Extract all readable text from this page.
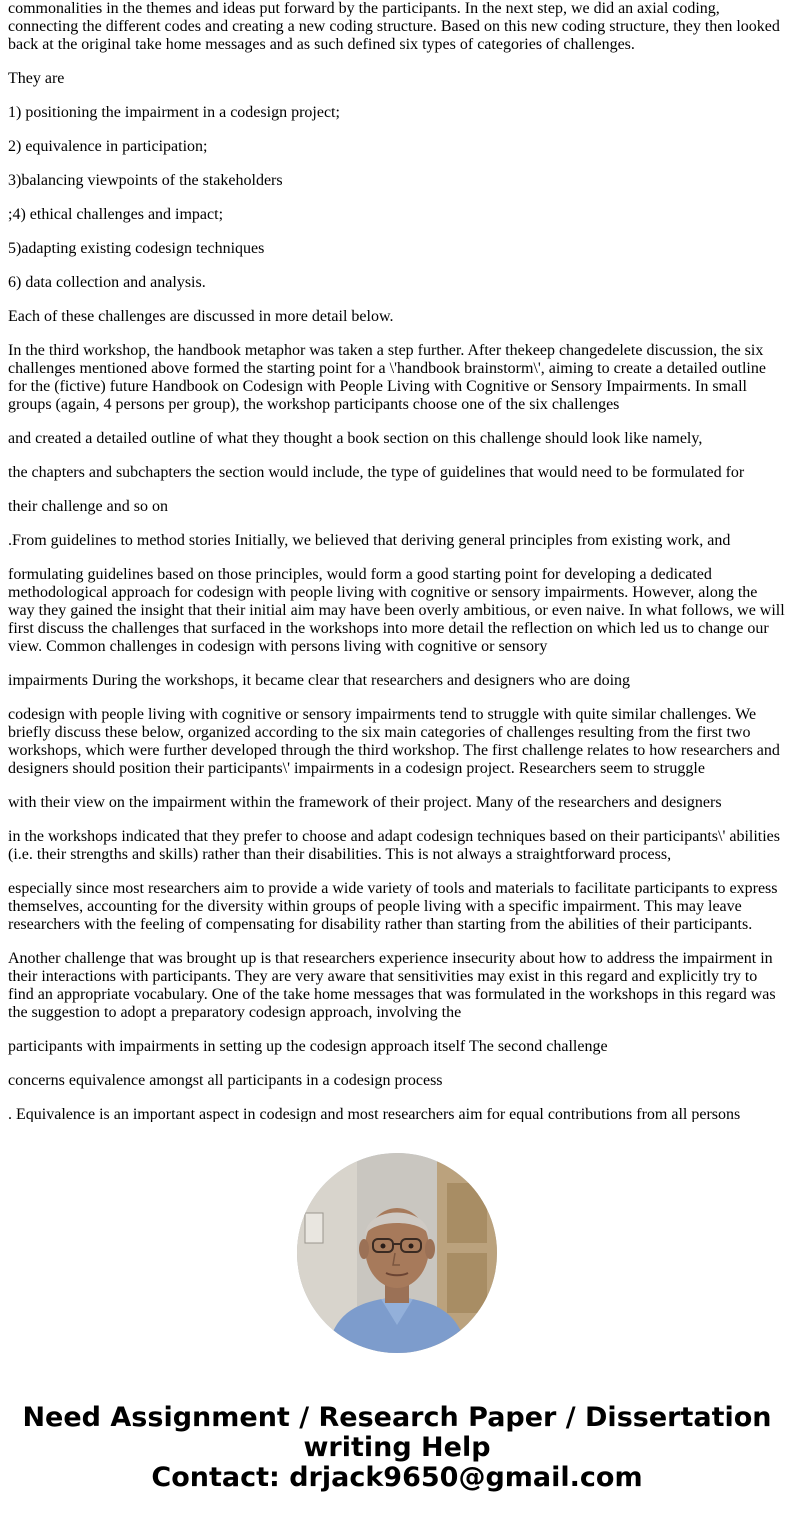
commonalities in the themes and ideas put forward by the participants. In the next step, we did an axial coding, connecting the different codes and creating a new coding structure. Based on this new coding structure, they then looked back at the original take home messages and as such defined six types of categories of challenges.

They are

1) positioning the impairment in a codesign project;

2) equivalence in participation;

3)balancing viewpoints of the stakeholders

;4) ethical challenges and impact;

5)adapting existing codesign techniques

6) data collection and analysis.

Each of these challenges are discussed in more detail below.

In the third workshop, the handbook metaphor was taken a step further. After thekeep changedelete discussion, the six challenges mentioned above formed the starting point for a \'handbook brainstorm\', aiming to create a detailed outline for the (fictive) future Handbook on Codesign with People Living with Cognitive or Sensory Impairments. In small groups (again, 4 persons per group), the workshop participants choose one of the six challenges

and created a detailed outline of what they thought a book section on this challenge should look like namely,

the chapters and subchapters the section would include, the type of guidelines that would need to be formulated for

their challenge and so on

.From guidelines to method stories Initially, we believed that deriving general principles from existing work, and

formulating guidelines based on those principles, would form a good starting point for developing a dedicated methodological approach for codesign with people living with cognitive or sensory impairments. However, along the way they gained the insight that their initial aim may have been overly ambitious, or even naive. In what follows, we will first discuss the challenges that surfaced in the workshops into more detail the reflection on which led us to change our view. Common challenges in codesign with persons living with cognitive or sensory

impairments During the workshops, it became clear that researchers and designers who are doing

codesign with people living with cognitive or sensory impairments tend to struggle with quite similar challenges. We briefly discuss these below, organized according to the six main categories of challenges resulting from the first two workshops, which were further developed through the third workshop. The first challenge relates to how researchers and designers should position their participants\' impairments in a codesign project. Researchers seem to struggle

with their view on the impairment within the framework of their project. Many of the researchers and designers

in the workshops indicated that they prefer to choose and adapt codesign techniques based on their participants\' abilities (i.e. their strengths and skills) rather than their disabilities. This is not always a straightforward process,

especially since most researchers aim to provide a wide variety of tools and materials to facilitate participants to express themselves, accounting for the diversity within groups of people living with a specific impairment. This may leave researchers with the feeling of compensating for disability rather than starting from the abilities of their participants.

Another challenge that was brought up is that researchers experience insecurity about how to address the impairment in their interactions with participants. They are very aware that sensitivities may exist in this regard and explicitly try to find an appropriate vocabulary. One of the take home messages that was formulated in the workshops in this regard was the suggestion to adopt a preparatory codesign approach, involving the

participants with impairments in setting up the codesign approach itself The second challenge

concerns equivalence amongst all participants in a codesign process

. Equivalence is an important aspect in codesign and most researchers aim for equal contributions from all persons

Need Assignment / Research Paper / Dissertation
writing Help
Contact: drjack9650@gmail.com
